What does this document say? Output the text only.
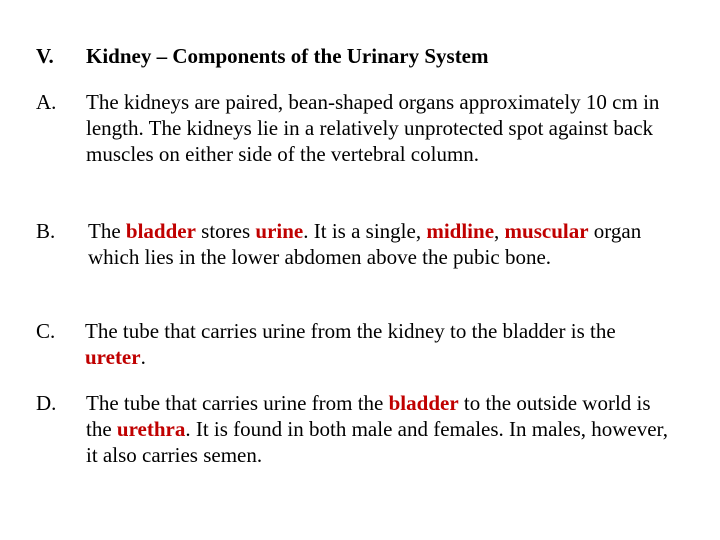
V. Kidney – Components of the Urinary System
A. The kidneys are paired, bean-shaped organs approximately 10 cm in length. The kidneys lie in a relatively unprotected spot against back muscles on either side of the vertebral column.
B. The bladder stores urine. It is a single, midline, muscular organ which lies in the lower abdomen above the pubic bone.
C. The tube that carries urine from the kidney to the bladder is the ureter.
D. The tube that carries urine from the bladder to the outside world is the urethra. It is found in both male and females. In males, however, it also carries semen.
